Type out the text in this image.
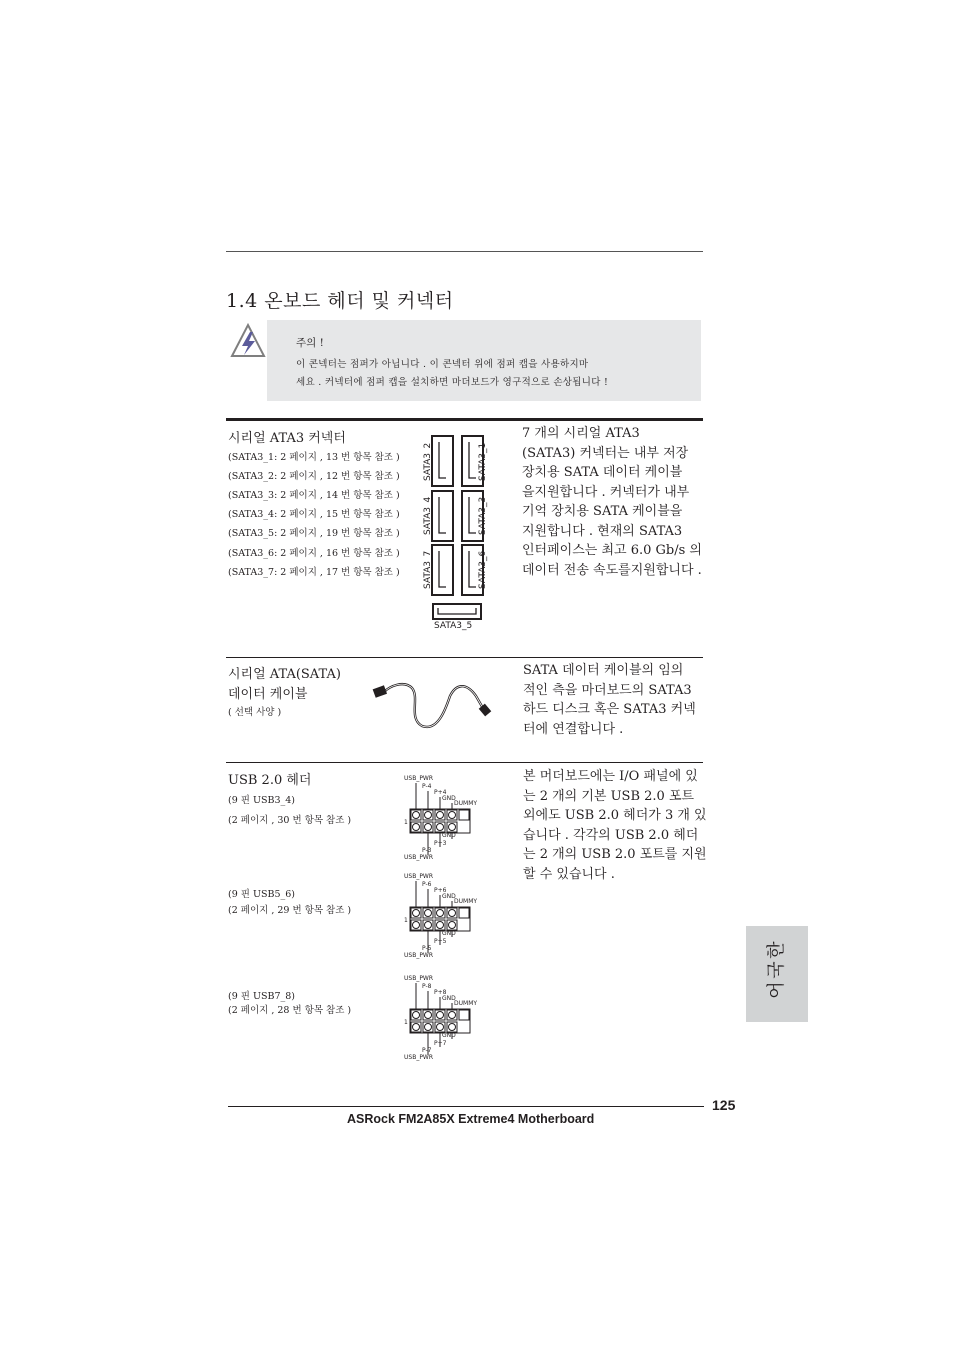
1.4 온보드 헤더 및 커넥터
주의 !
이 콘넥터는 점퍼가 아닙니다 . 이 콘넥터 위에 점퍼 캡을 사용하지마
세요 . 커넥터에 점퍼 캡을 설치하면 마더보드가 영구적으로 손상됩니다 !
시리얼 ATA3 커넥터
(SATA3_1: 2 페이지 , 13 번 항목 참조 )
(SATA3_2: 2 페이지 , 12 번 항목 참조 )
(SATA3_3: 2 페이지 , 14 번 항목 참조 )
(SATA3_4: 2 페이지 , 15 번 항목 참조 )
(SATA3_5: 2 페이지 , 19 번 항목 참조 )
(SATA3_6: 2 페이지 , 16 번 항목 참조 )
(SATA3_7: 2 페이지 , 17 번 항목 참조 )
SATA3_2	SATA3_1
SATA3_4	SATA3_3
SATA3_7	SATA3_6
SATA3_5
7 개의 시리얼 ATA3
(SATA3) 커넥터는 내부 저장
장치용 SATA 데이터 케이블
을지원합니다 . 커넥터가 내부
기억 장치용 SATA 케이블을
지원합니다 . 현재의 SATA3
인터페이스는 최고 6.0 Gb/s 의
데이터 전송 속도를지원합니다 .
시리얼 ATA(SATA)
데이터 케이블
( 선택 사양 )
SATA 데이터 케이블의 임의
적인 측을 마더보드의 SATA3
하드 디스크 혹은 SATA3 커넥
터에 연결합니다 .
USB 2.0 헤더
(9 핀 USB3_4)
(2 페이지 , 30 번 항목 참조 )
(9 핀 USB5_6)
(2 페이지 , 29 번 항목 참조 )
(9 핀 USB7_8)
(2 페이지 , 28 번 항목 참조 )
USB_PWR
P-4
P+4
GND
DUMMY
1
GND
P+3
P-3
USB_PWR
USB_PWR
P-6
P+6
GND
DUMMY
1
GND
P+5
P-5
USB_PWR
USB_PWR
P-8
P+8
GND
DUMMY
1
GND
P+7
P-7
USB_PWR
본 머더보드에는 I/O 패널에 있
는 2 개의 기본 USB 2.0 포트
외에도 USB 2.0 헤더가 3 개 있
습니다 . 각각의 USB 2.0 헤더
는 2 개의 USB 2.0 포트를 지원
할 수 있습니다 .
한
국
어
125
ASRock FM2A85X Extreme4 Motherboard
